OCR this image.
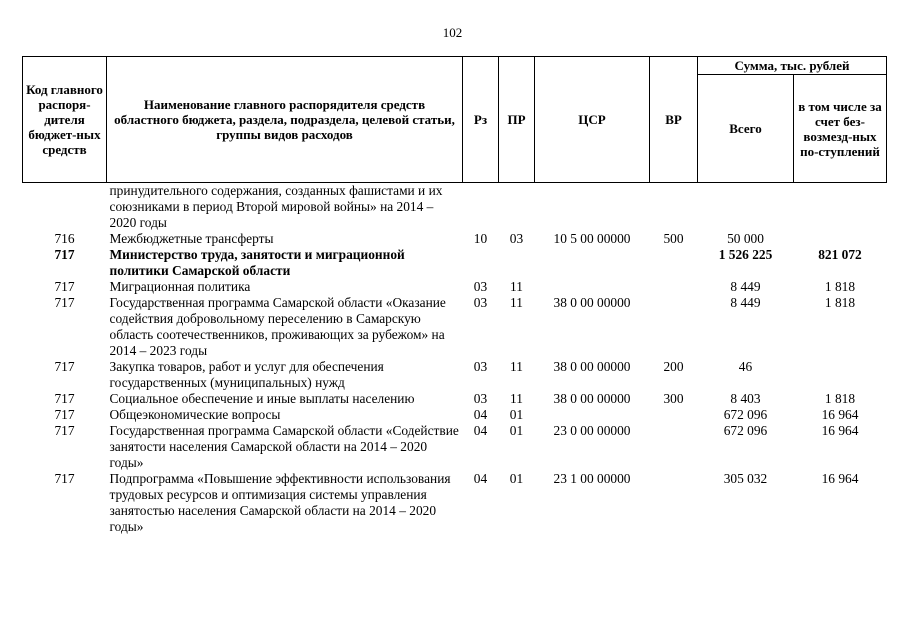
102
Код главного распоря-дителя бюджет-ных средств	Наименование главного распорядителя средств областного бюджета, раздела, подраздела, целевой статьи, группы видов расходов	Рз	ПР	ЦСР	ВР	Сумма, тыс. рублей	
						Всего	в том числе за счет без-возмезд-ных по-ступлений
	принудительного содержания, созданных фашистами и их союзниками в период Второй мировой войны» на 2014 – 2020 годы						
716	Межбюджетные трансферты	10	03	10 5 00 00000	500	50 000	
717	Министерство труда, занятости и миграционной политики Самарской области					1 526 225	821 072
717	Миграционная политика	03	11			8 449	1 818
717	Государственная программа Самарской области «Оказание содействия добровольному переселению в Самарскую область соотечественников, проживающих за рубежом» на 2014 – 2023 годы	03	11	38 0 00 00000		8 449	1 818
717	Закупка товаров, работ и услуг для обеспечения государственных (муниципальных) нужд	03	11	38 0 00 00000	200	46	
717	Социальное обеспечение и иные выплаты населению	03	11	38 0 00 00000	300	8 403	1 818
717	Общеэкономические вопросы	04	01			672 096	16 964
717	Государственная программа Самарской области «Содействие занятости населения Самарской области на 2014 – 2020 годы»	04	01	23 0 00 00000		672 096	16 964
717	Подпрограмма «Повышение эффективности использования трудовых ресурсов и оптимизация системы управления занятостью населения Самарской области на 2014 – 2020 годы»	04	01	23 1 00 00000		305 032	16 964
